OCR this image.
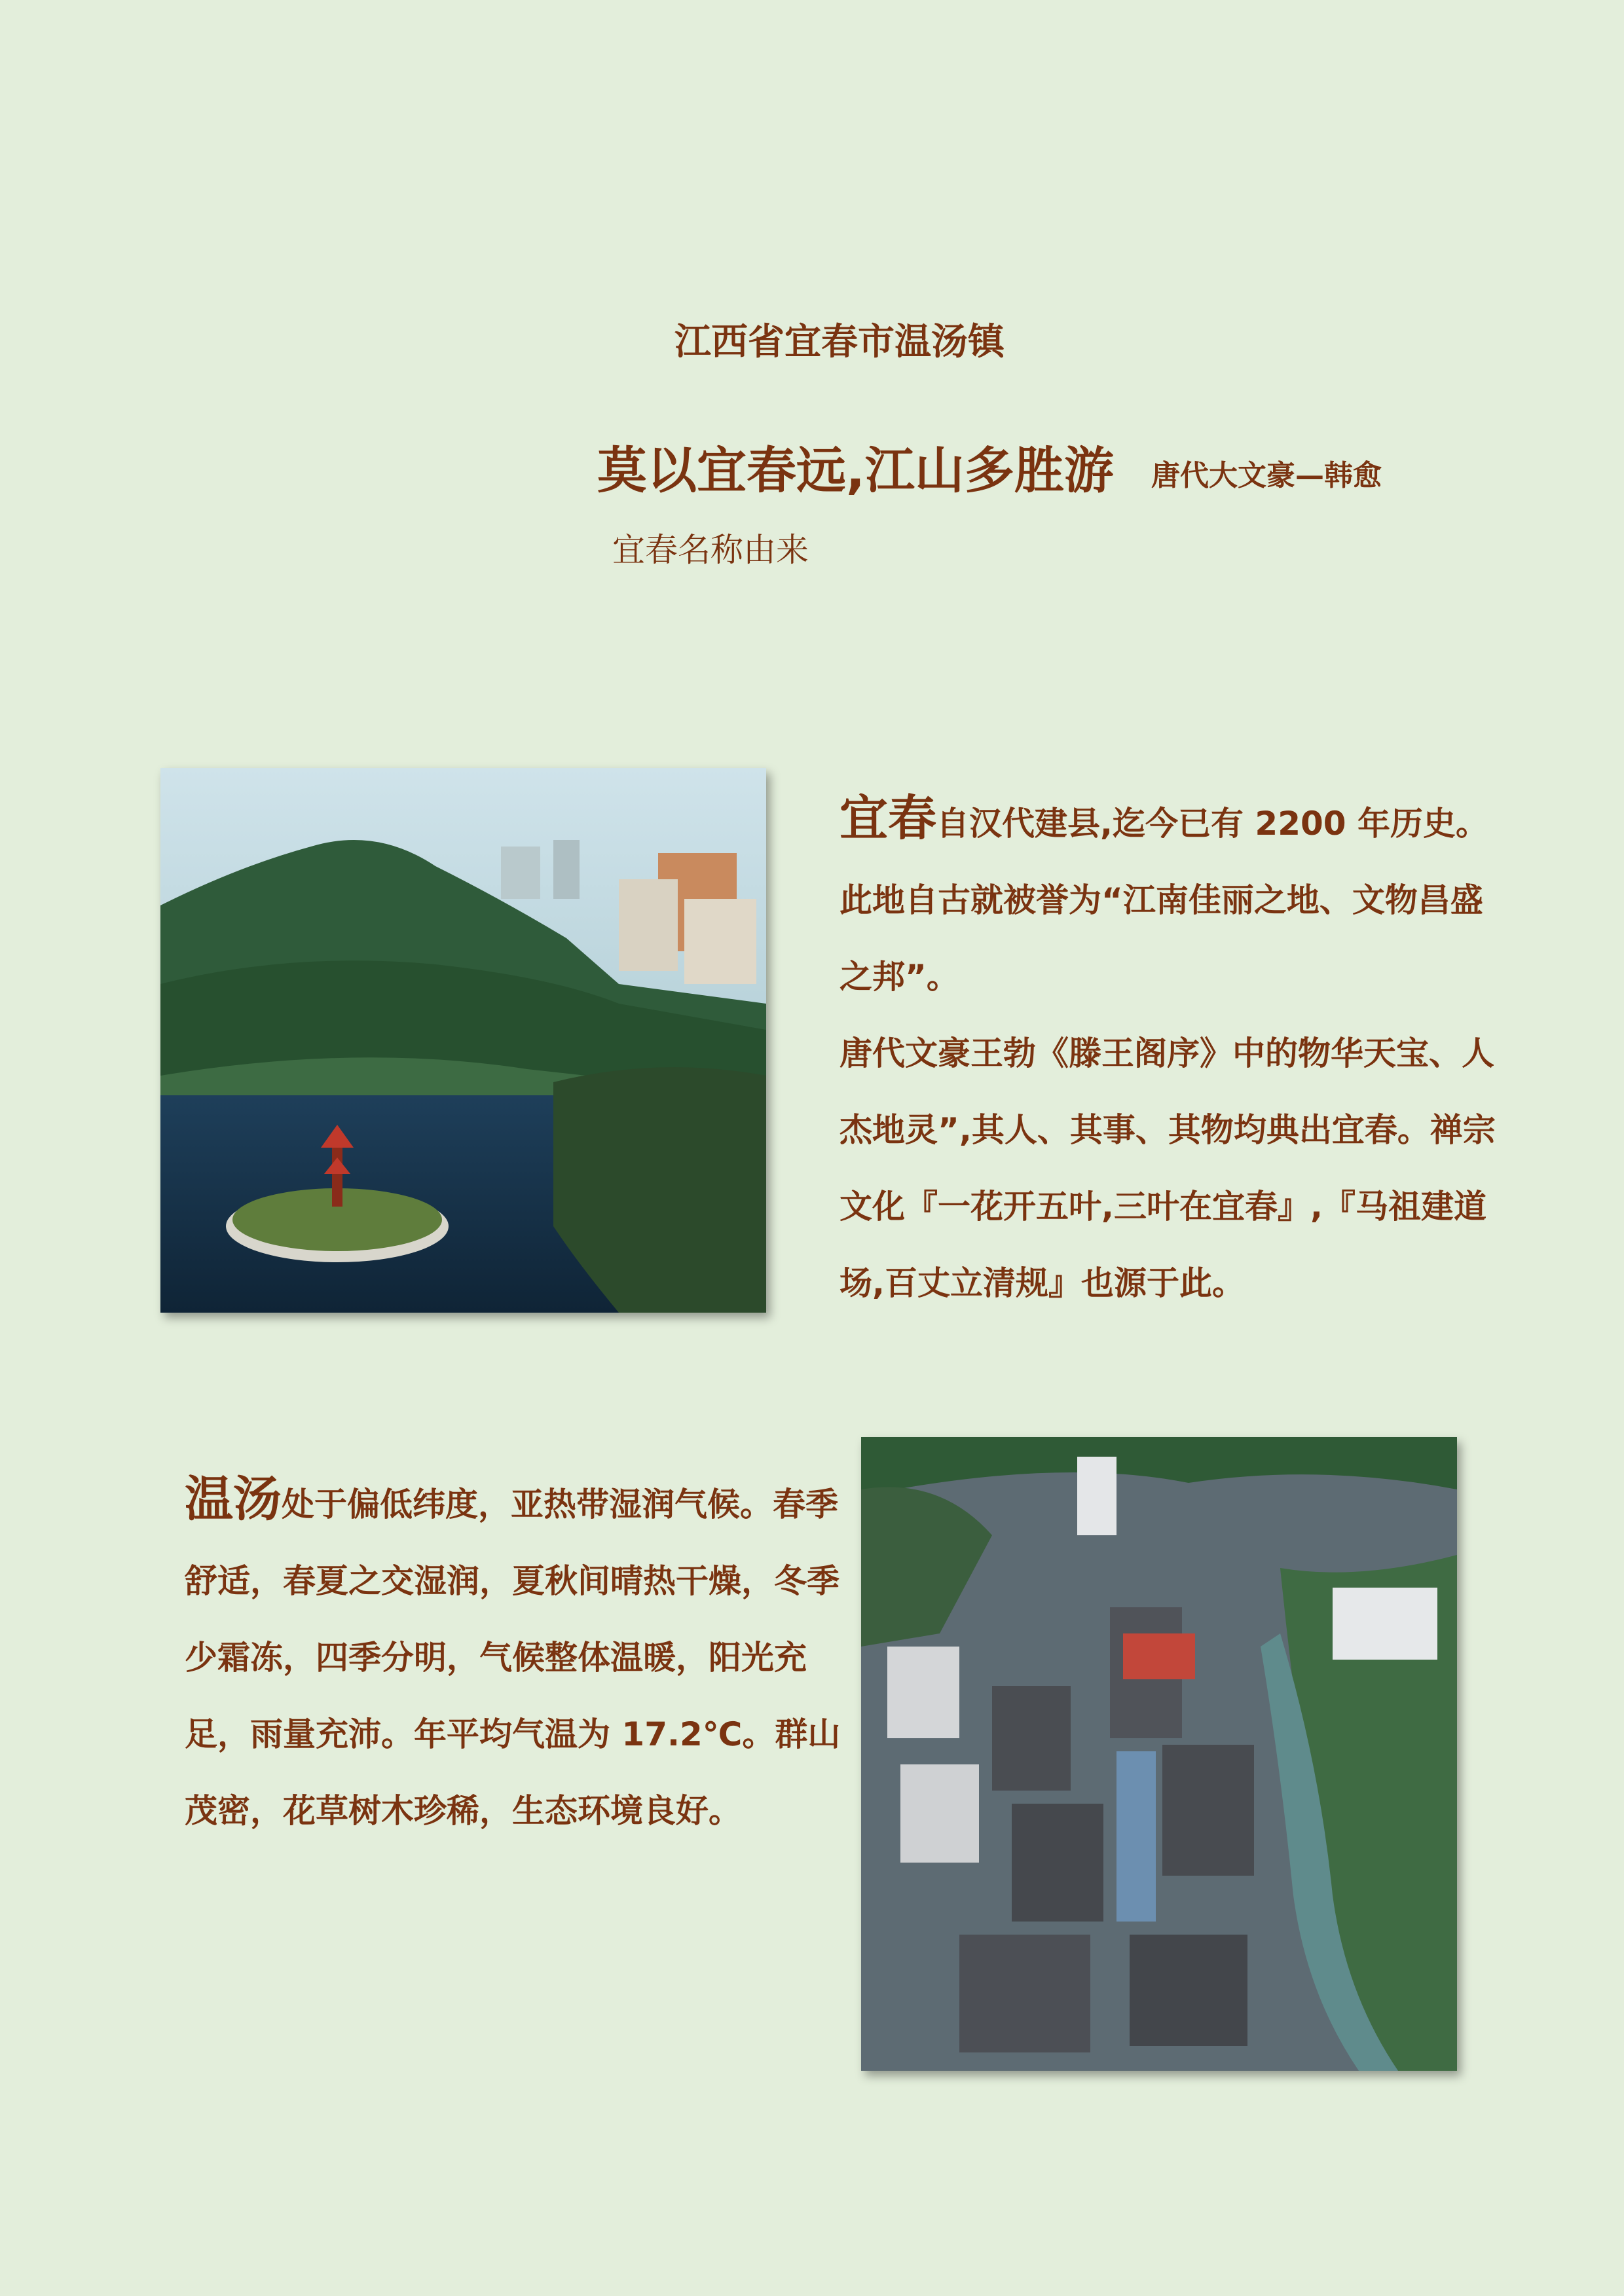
江西省宜春市温汤镇
莫以宜春远,江山多胜游 唐代大文豪—韩愈
宜春名称由来

宜春自汉代建县,迄今已有 2200 年历史。此地自古就被誉为“江南佳丽之地、文物昌盛之邦”。

唐代文豪王勃《滕王阁序》中的物华天宝、人杰地灵”,其人、其事、其物均典出宜春。禅宗文化『一花开五叶,三叶在宜春』,『马祖建道场,百丈立清规』也源于此。

温汤处于偏低纬度，亚热带湿润气候。春季舒适，春夏之交湿润，夏秋间晴热干燥，冬季少霜冻，四季分明，气候整体温暖，阳光充足，雨量充沛。年平均气温为 17.2℃。群山茂密，花草树木珍稀，生态环境良好。
